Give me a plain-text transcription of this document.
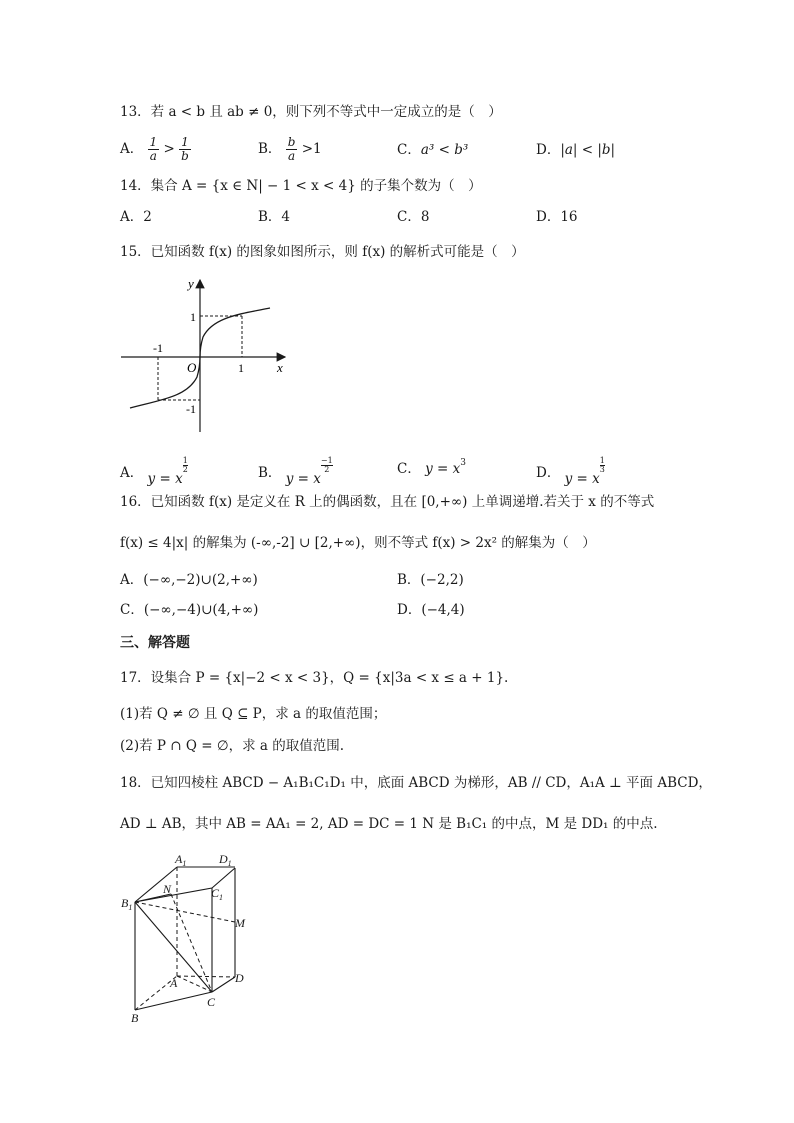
13．若 a < b 且 ab ≠ 0，则下列不等式中一定成立的是（　）
A． $\frac{1}{a} > \frac{1}{b}$	B． $\frac{b}{a} >1$	C．a³ < b³	D．|a| < |b|
14．集合 A = {x ∈ N| − 1 < x < 4} 的子集个数为（　）
A．2	B．4	C．8	D．16
15．已知函数 f(x) 的图象如图所示，则 f(x) 的解析式可能是（　）
y
x
O	1
-1
1
-1
A． y = x
$\frac{1}{2}$	B． y = x
$\frac{-1}{2}$	C． $y = x^3$
D． y = x
$\frac{1}{3}$
16．已知函数 f(x) 是定义在 R 上的偶函数，且在 [0,+∞) 上单调递增.若关于 x 的不等式
f(x) ≤ 4|x| 的解集为 (-∞,-2] ∪ [2,+∞)，则不等式 f(x) > 2x² 的解集为（　）
A．(−∞,−2)∪(2,+∞)	B．(−2,2)
C．(−∞,−4)∪(4,+∞)	D．(−4,4)
三、解答题
17．设集合 P = {x|−2 < x < 3}，Q = {x|3a < x ≤ a + 1}.
(1)若 Q ≠ ∅ 且 Q ⊆ P，求 a 的取值范围；
(2)若 P ∩ Q = ∅，求 a 的取值范围.
18．已知四棱柱 ABCD − A₁B₁C₁D₁ 中，底面 ABCD 为梯形，AB // CD，A₁A ⊥ 平面 ABCD，
AD ⊥ AB，其中 AB = AA₁ = 2, AD = DC = 1 N 是 B₁C₁ 的中点，M 是 DD₁ 的中点.
$A_1$	$D_1$
N	$C_1$
$B_1$
M
A	D
C
B
